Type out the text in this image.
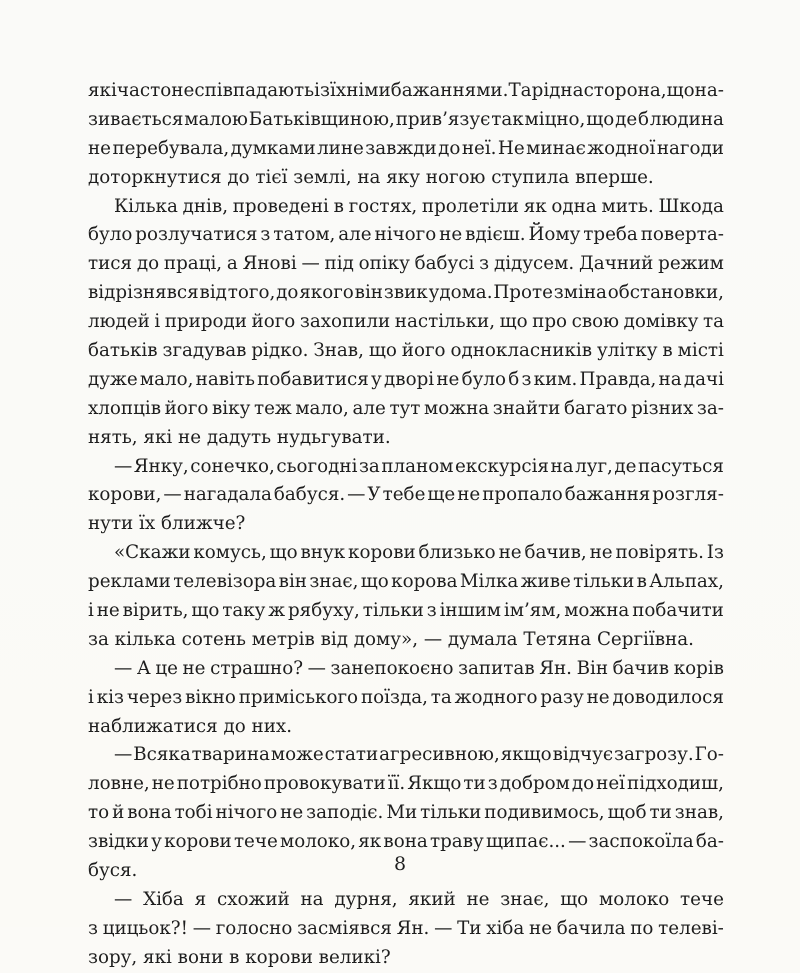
які часто не співпадають із їхніми бажаннями. Та рідна сторона, що на-
зивається малою Батьківщиною, прив’язує так міцно, що де б людина
не перебувала, думками лине завжди до неї. Не минає жодної нагоди
доторкнутися до тієї землі, на яку ногою ступила вперше.
Кілька днів, проведені в гостях, пролетіли як одна мить. Шкода
було розлучатися з татом, але нічого не вдієш. Йому треба поверта-
тися до праці, а Янові — під опіку бабусі з дідусем. Дачний режим
відрізнявся від того, до якого він звик удома. Проте зміна обстановки,
людей і природи його захопили настільки, що про свою домівку та
батьків згадував рідко. Знав, що його однокласників улітку в місті
дуже мало, навіть побавитися у дворі не було б з ким. Правда, на дачі
хлопців його віку теж мало, але тут можна знайти багато різних за-
нять, які не дадуть нудьгувати.
— Янку, сонечко, сьогодні за планом екскурсія на луг, де пасуться
корови, — нагадала бабуся. — У тебе ще не пропало бажання розгля-
нути їх ближче?
«Скажи комусь, що внук корови близько не бачив, не повірять. Із
реклами телевізора він знає, що корова Мілка живе тільки в Альпах,
і не вірить, що таку ж рябуху, тільки з іншим ім’ям, можна побачити
за кілька сотень метрів від дому», — думала Тетяна Сергіївна.
— А це не страшно? — занепокоєно запитав Ян. Він бачив корів
і кіз через вікно приміського поїзда, та жодного разу не доводилося
наближатися до них.
— Всяка тварина може стати агресивною, якщо відчує загрозу. Го-
ловне, не потрібно провокувати її. Якщо ти з добром до неї підходиш,
то й вона тобі нічого не заподіє. Ми тільки подивимось, щоб ти знав,
звідки у корови тече молоко, як вона траву щипає... — заспокоїла ба-
буся.
— Хіба я схожий на дурня, який не знає, що молоко тече
з цицьок?! — голосно засміявся Ян. — Ти хіба не бачила по телеві-
зору, які вони в корови великі?
8
